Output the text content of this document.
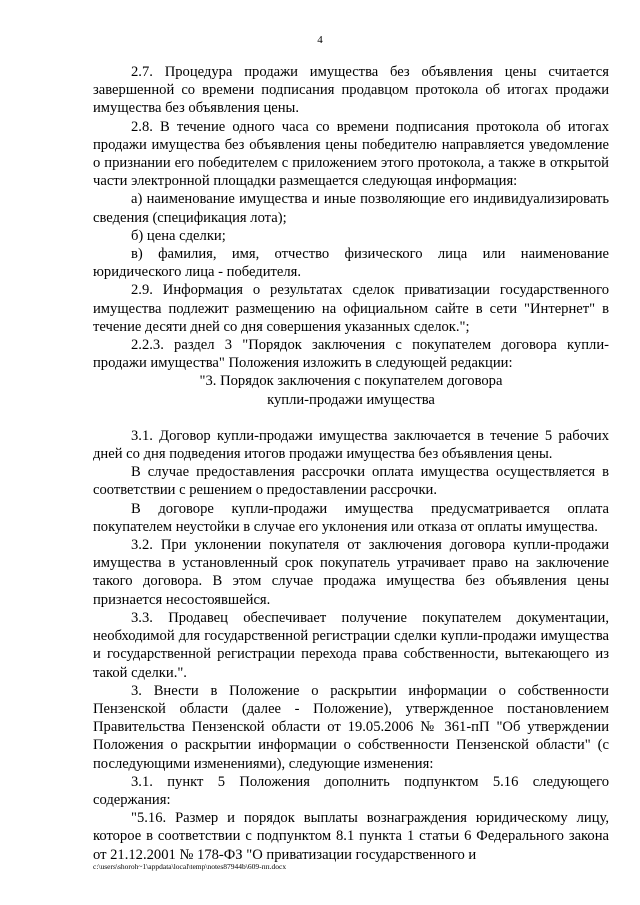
4

2.7. Процедура продажи имущества без объявления цены считается завершенной со времени подписания продавцом протокола об итогах продажи имущества без объявления цены.

2.8. В течение одного часа со времени подписания протокола об итогах продажи имущества без объявления цены победителю направляется уведомление о признании его победителем с приложением этого протокола, а также в открытой части электронной площадки размещается следующая информация:

а) наименование имущества и иные позволяющие его индивидуализировать сведения (спецификация лота);

б) цена сделки;

в) фамилия, имя, отчество физического лица или наименование юридического лица - победителя.

2.9. Информация о результатах сделок приватизации государственного имущества подлежит размещению на официальном сайте в сети "Интернет" в течение десяти дней со дня совершения указанных сделок.";

2.2.3. раздел 3 "Порядок заключения с покупателем договора купли-продажи имущества" Положения изложить в следующей редакции:

"3. Порядок заключения с покупателем договора

купли-продажи имущества

3.1. Договор купли-продажи имущества заключается в течение 5 рабочих дней со дня подведения итогов продажи имущества без объявления цены.

В случае предоставления рассрочки оплата имущества осуществляется в соответствии с решением о предоставлении рассрочки.

В договоре купли-продажи имущества предусматривается оплата покупателем неустойки в случае его уклонения или отказа от оплаты имущества.

3.2. При уклонении покупателя от заключения договора купли-продажи имущества в установленный срок покупатель утрачивает право на заключение такого договора. В этом случае продажа имущества без объявления цены признается несостоявшейся.

3.3. Продавец обеспечивает получение покупателем документации, необходимой для государственной регистрации сделки купли-продажи имущества и государственной регистрации перехода права собственности, вытекающего из такой сделки.".

3. Внести в Положение о раскрытии информации о собственности Пензенской области (далее - Положение), утвержденное постановлением Правительства Пензенской области от 19.05.2006 № 361-пП "Об утверждении Положения о раскрытии информации о собственности Пензенской области" (с последующими изменениями), следующие изменения:

3.1. пункт 5 Положения дополнить подпунктом 5.16 следующего содержания:

"5.16. Размер и порядок выплаты вознаграждения юридическому лицу, которое в соответствии с подпунктом 8.1 пункта 1 статьи 6 Федерального закона от 21.12.2001 № 178-ФЗ "О приватизации государственного и

c:\users\shoroh~1\appdata\local\temp\notes87944b\609-пп.docx
